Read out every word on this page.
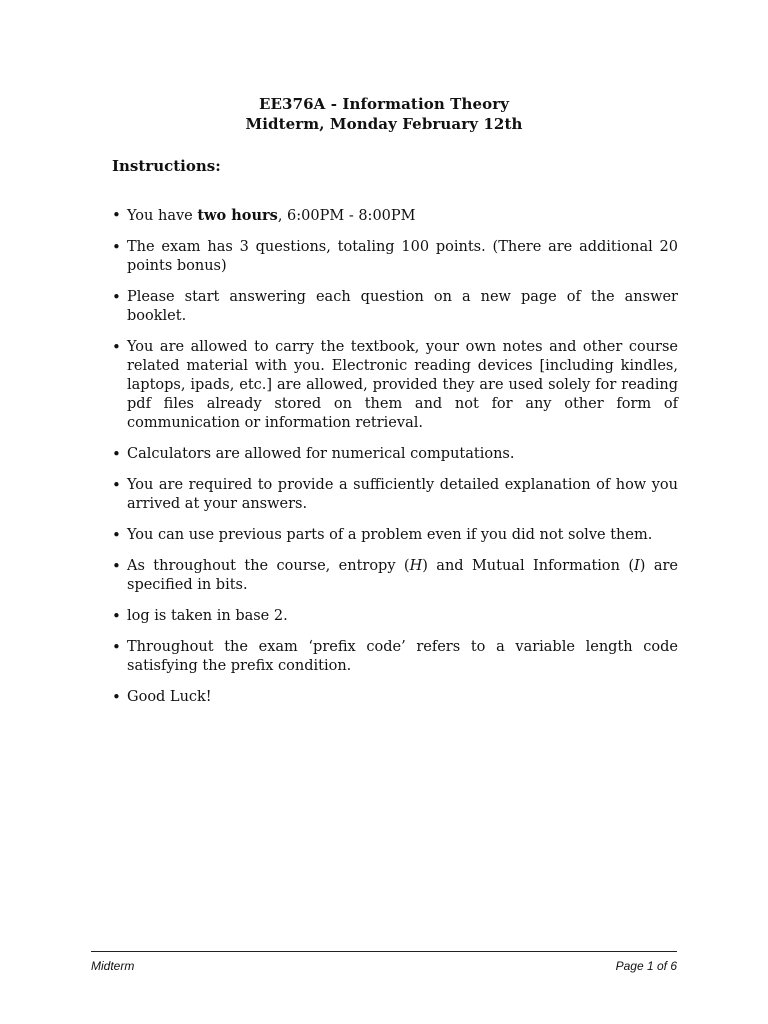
EE376A - Information Theory
Midterm, Monday February 12th
Instructions:
• You have two hours, 6:00PM - 8:00PM
• The exam has 3 questions, totaling 100 points. (There are additional 20 points bonus)
• Please start answering each question on a new page of the answer booklet.
• You are allowed to carry the textbook, your own notes and other course related material with you. Electronic reading devices [including kindles, laptops, ipads, etc.] are allowed, provided they are used solely for reading pdf files already stored on them and not for any other form of communication or information retrieval.
• Calculators are allowed for numerical computations.
• You are required to provide a sufficiently detailed explanation of how you arrived at your answers.
• You can use previous parts of a problem even if you did not solve them.
• As throughout the course, entropy (H) and Mutual Information (I) are specified in bits.
• log is taken in base 2.
• Throughout the exam ‘prefix code’ refers to a variable length code satisfying the prefix condition.
• Good Luck!
Midterm	Page 1 of 6
